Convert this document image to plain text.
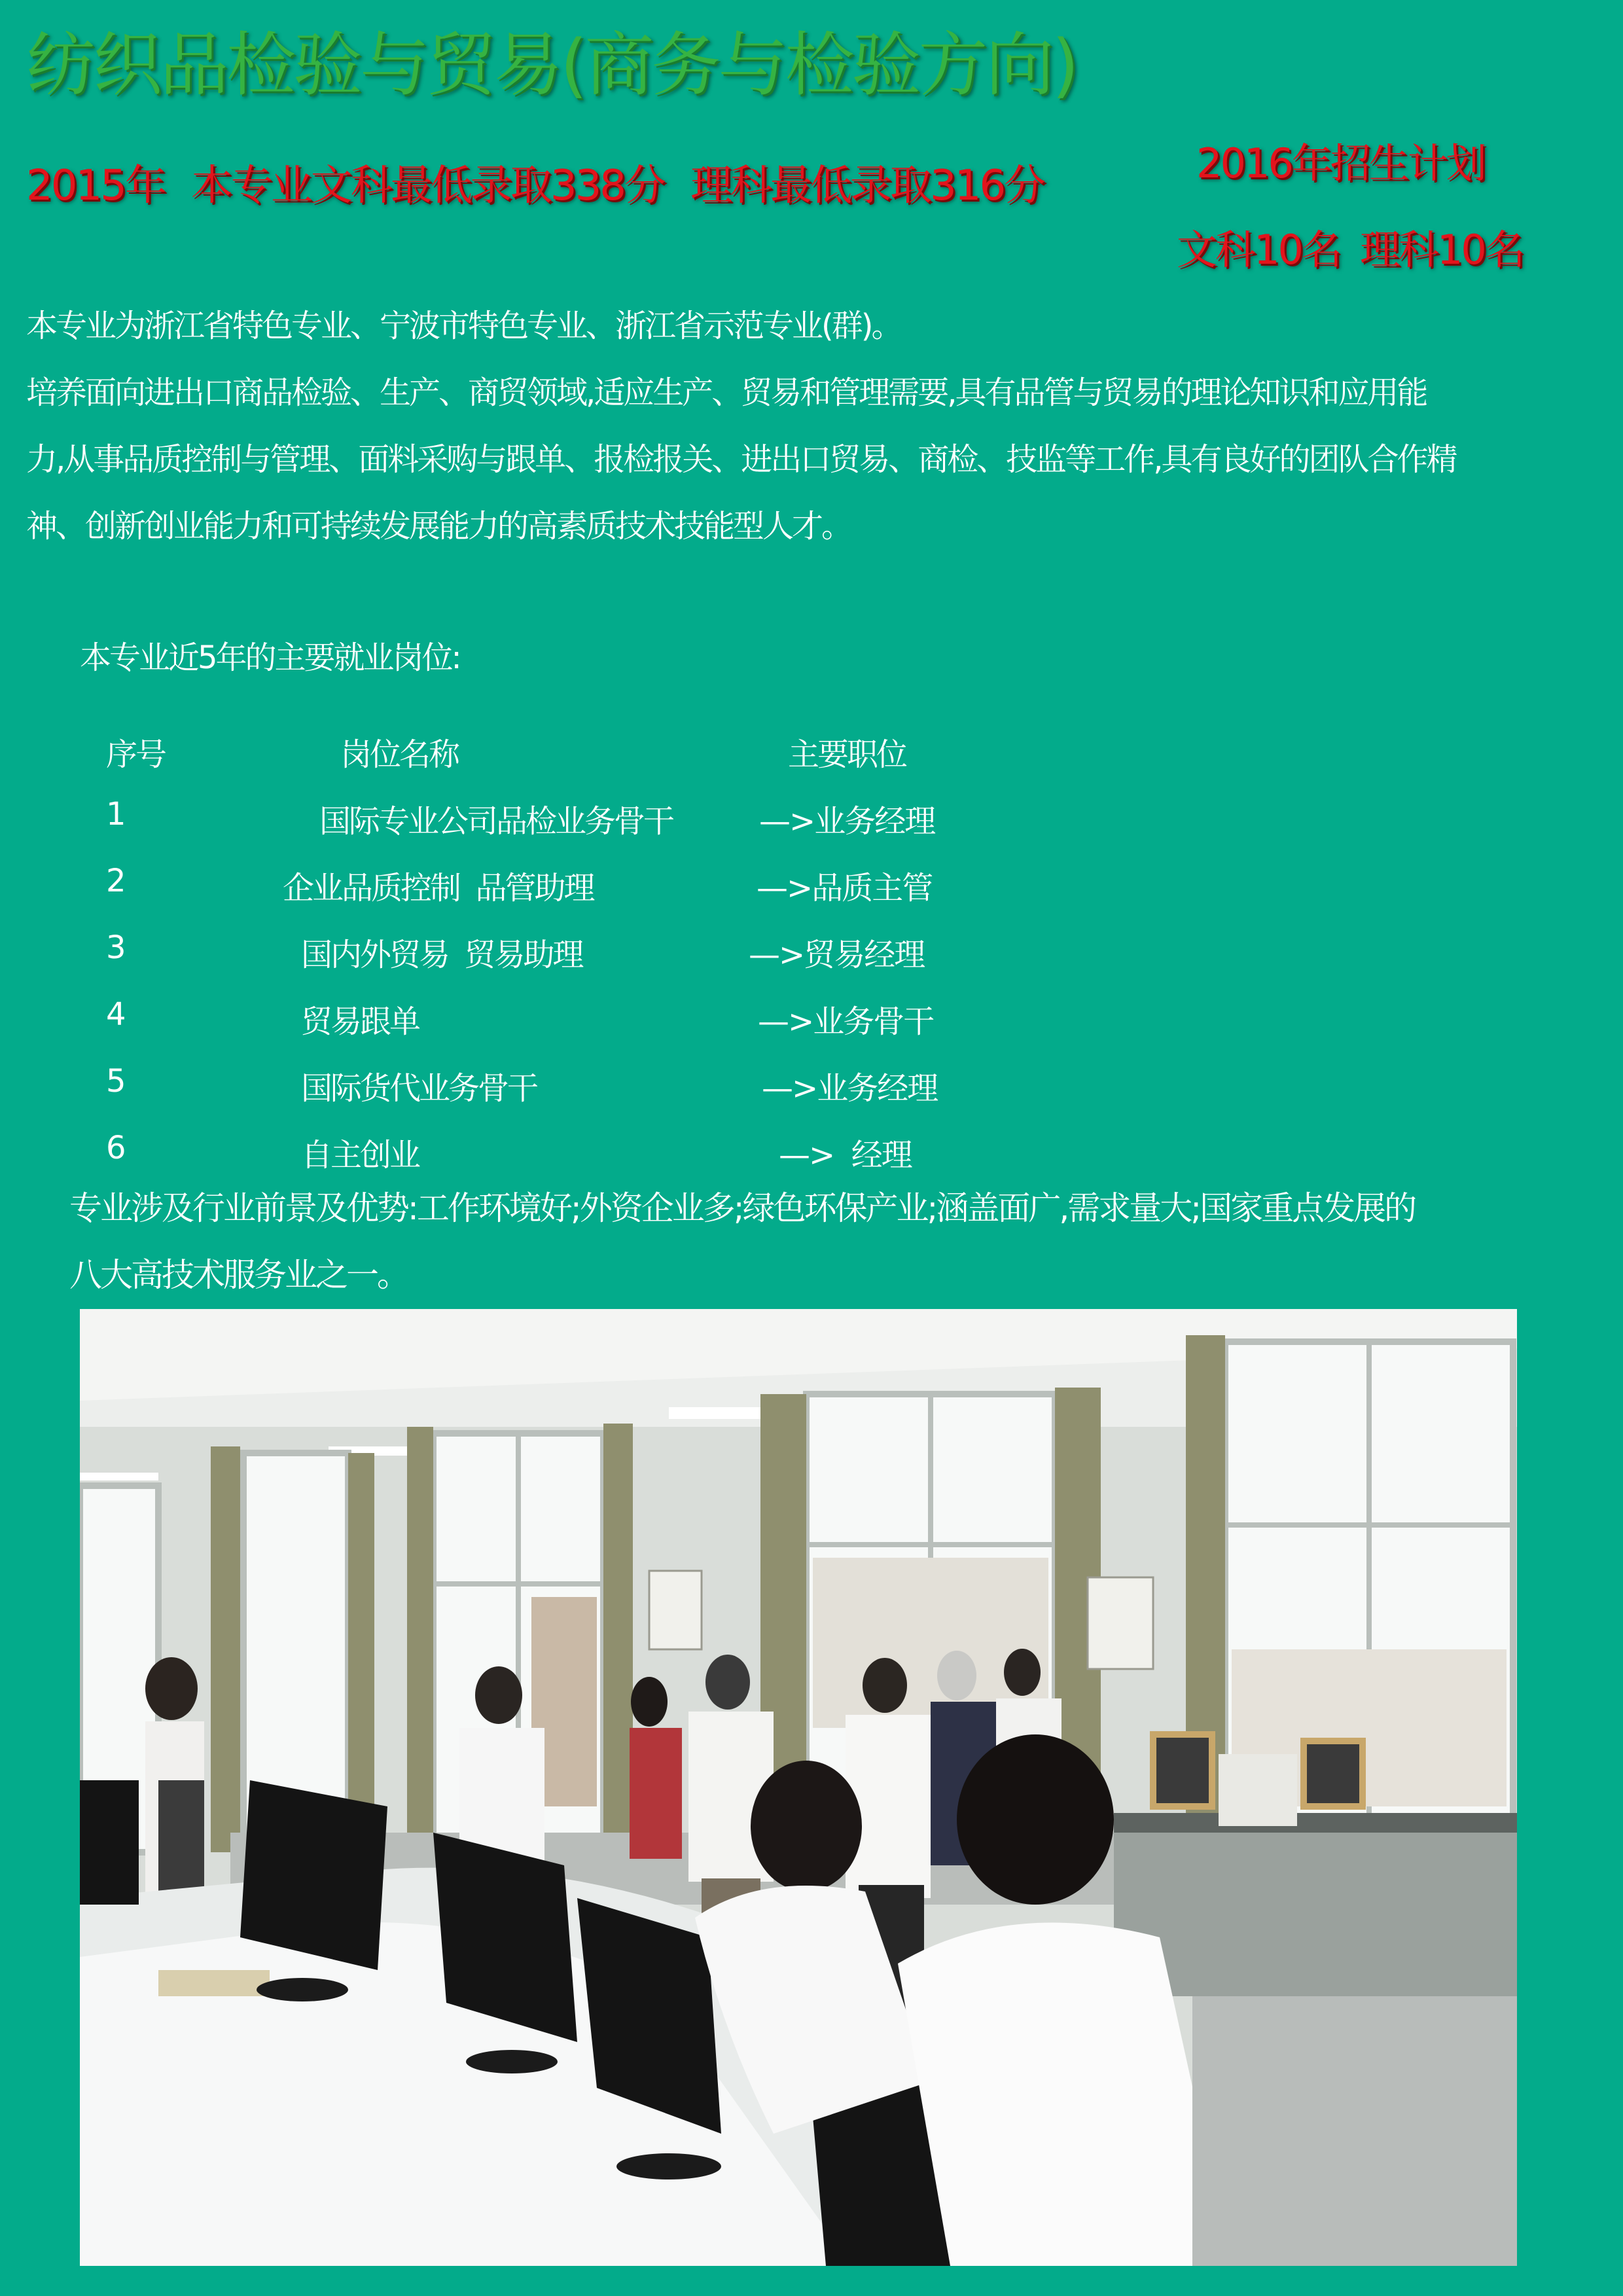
纺织品检验与贸易(商务与检验方向)
2015年 本专业文科最低录取338分 理科最低录取316分	2016年招生计划
文科10名 理科10名
本专业为浙江省特色专业、宁波市特色专业、浙江省示范专业(群)。
培养面向进出口商品检验、生产、商贸领域,适应生产、贸易和管理需要,具有品管与贸易的理论知识和应用能
力,从事品质控制与管理、面料采购与跟单、报检报关、进出口贸易、商检、技监等工作,具有良好的团队合作精
神、创新创业能力和可持续发展能力的高素质技术技能型人才。
本专业近5年的主要就业岗位:
序号	岗位名称	主要职位
1	国际专业公司品检业务骨干	—>业务经理
2	企业品质控制  品管助理	—>品质主管
3	国内外贸易  贸易助理	—>贸易经理
4	贸易跟单	—>业务骨干
5	国际货代业务骨干	—>业务经理
6	自主创业	—>  经理
专业涉及行业前景及优势:工作环境好;外资企业多;绿色环保产业;涵盖面广,需求量大;国家重点发展的
八大高技术服务业之一。
